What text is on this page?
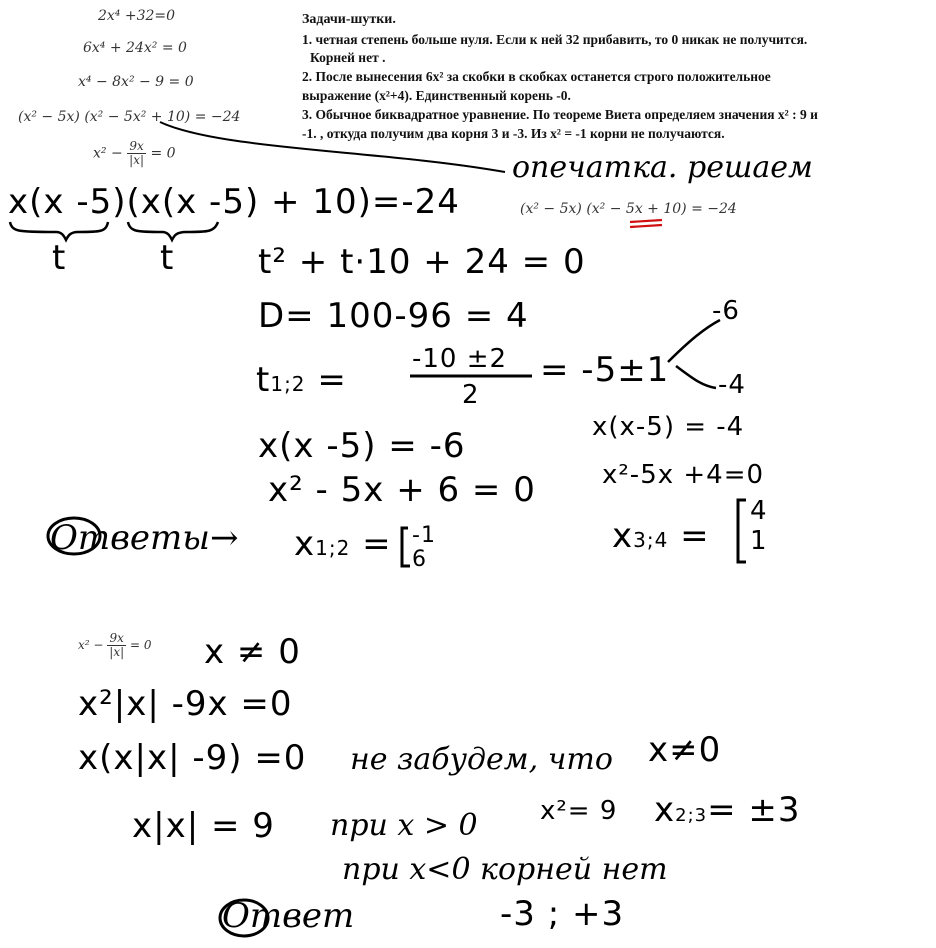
2x⁴ +32=0
6x⁴ + 24x² = 0
x⁴ − 8x² − 9 = 0
(x² − 5x) (x² − 5x² + 10) = −24
$x^2 - \frac{9x}{|x|} = 0$
Задачи-шутки.
1. четная степень больше нуля. Если к ней 32 прибавить, то 0 никак не получится.
Корней нет .
2. После вынесения 6x² за скобки в скобках останется строго положительное
выражение (x²+4). Единственный корень -0.
3. Обычное биквадратное уравнение. По теореме Виета определяем значения x² : 9 и
-1. , откуда получим два корня 3 и -3. Из x² = -1 корни не получаются.
опечатка. решаем
(x² − 5x) (x² − 5x + 10) = −24
x(x -5)(x(x -5) + 10)=-24
t	t t² + t·10 + 24 = 0
D= 100-96 = 4
t1;2 =
-10 ±2
2
= -5±1
-6
-4
x(x -5) = -6
x² - 5x + 6 = 0
x(x-5) = -4
x²-5x +4=0
Ответы→ x1;2 = -1
6
x3;4 =
4
1
$x^2 - \frac{9x}{|x|} = 0$ x ≠ 0
x²|x| -9x =0
x(x|x| -9) =0 не забудем, что x≠0
x|x| = 9 при x > 0 x²= 9 x2;3= ±3
при x<0 корней нет
Ответ	-3 ; +3
